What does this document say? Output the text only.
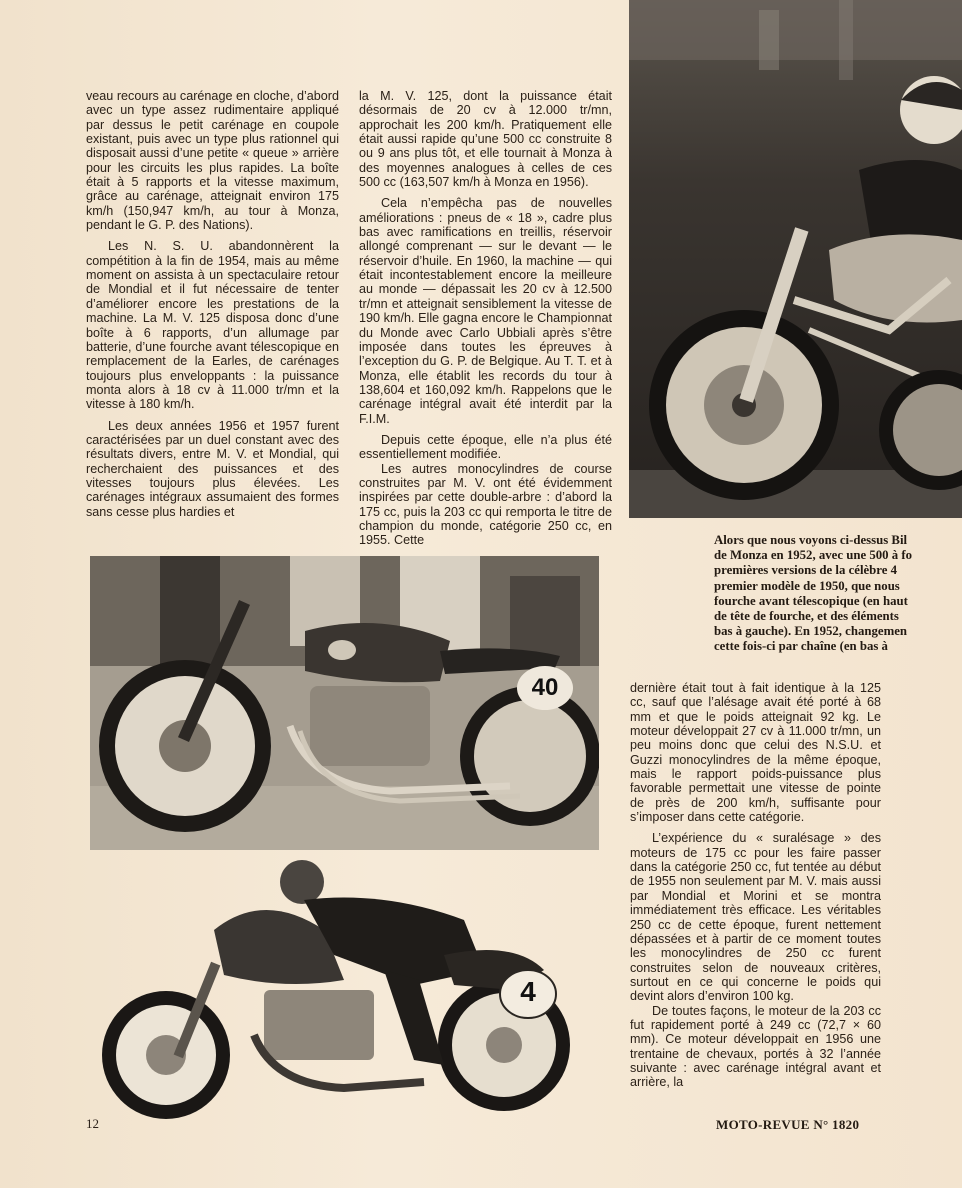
veau recours au carénage en cloche, d’abord avec un type assez rudimentaire appliqué par dessus le petit carénage en coupole existant, puis avec un type plus rationnel qui disposait aussi d’une petite « queue » arrière pour les circuits les plus rapides. La boîte était à 5 rapports et la vitesse maximum, grâce au carénage, atteignait environ 175 km/h (150,947 km/h, au tour à Monza, pendant le G. P. des Nations).

Les N. S. U. abandonnèrent la compétition à la fin de 1954, mais au même moment on assista à un spectaculaire retour de Mondial et il fut nécessaire de tenter d’améliorer encore les prestations de la machine. La M. V. 125 disposa donc d’une boîte à 6 rapports, d’un allumage par batterie, d’une fourche avant télescopique en remplacement de la Earles, de carénages toujours plus enveloppants : la puissance monta alors à 18 cv à 11.000 tr/mn et la vitesse à 180 km/h.

Les deux années 1956 et 1957 furent caractérisées par un duel constant avec des résultats divers, entre M. V. et Mondial, qui recherchaient des puissances et des vitesses toujours plus élevées. Les carénages intégraux assumaient des formes sans cesse plus hardies et

la M. V. 125, dont la puissance était désormais de 20 cv à 12.000 tr/mn, approchait les 200 km/h. Pratiquement elle était aussi rapide qu’une 500 cc construite 8 ou 9 ans plus tôt, et elle tournait à Monza à des moyennes analogues à celles de ces 500 cc (163,507 km/h à Monza en 1956).

Cela n’empêcha pas de nouvelles améliorations : pneus de « 18 », cadre plus bas avec ramifications en treillis, réservoir allongé comprenant — sur le devant — le réservoir d’huile. En 1960, la machine — qui était incontestablement encore la meilleure au monde — dépassait les 20 cv à 12.500 tr/mn et atteignait sensiblement la vitesse de 190 km/h. Elle gagna encore le Championnat du Monde avec Carlo Ubbiali après s’être imposée dans toutes les épreuves à l’exception du G. P. de Belgique. Au T. T. et à Monza, elle établit les records du tour à 138,604 et 160,092 km/h. Rappelons que le carénage intégral avait été interdit par la F.I.M.

Depuis cette époque, elle n’a plus été essentiellement modifiée.

Les autres monocylindres de course construites par M. V. ont été évidemment inspirées par cette double-arbre : d’abord la 175 cc, puis la 203 cc qui remporta le titre de champion du monde, catégorie 250 cc, en 1955. Cette	Alors que nous voyons ci-dessus Bil
de Monza en 1952, avec une 500 à fo
premières versions de la célèbre 4
premier modèle de 1950, que nous
fourche avant télescopique (en haut
de tête de fourche, et des éléments
bas à gauche). En 1952, changemen
cette fois-ci par chaîne (en bas à
40	dernière était tout à fait identique à la 125 cc, sauf que l’alésage avait été porté à 68 mm et que le poids atteignait 92 kg. Le moteur développait 27 cv à 11.000 tr/mn, un peu moins donc que celui des N.S.U. et Guzzi monocylindres de la même époque, mais le rapport poids-puissance plus favorable permettait une vitesse de pointe de près de 200 km/h, suffisante pour s’imposer dans cette catégorie.

L’expérience du « suralésage » des moteurs de 175 cc pour les faire passer dans la catégorie 250 cc, fut tentée au début de 1955 non seulement par M. V. mais aussi par Mondial et Morini et se montra immédiatement très efficace. Les véritables 250 cc de cette époque, furent nettement dépassées et à partir de ce moment toutes les monocylindres de 250 cc furent construites selon de nouveaux critères, surtout en ce qui concerne le poids qui devint alors d’environ 100 kg.

De toutes façons, le moteur de la 203 cc fut rapidement porté à 249 cc (72,7 × 60 mm). Ce moteur développait en 1956 une trentaine de chevaux, portés à 32 l’année suivante : avec carénage intégral avant et arrière, la

4
12	MOTO-REVUE N° 1820
